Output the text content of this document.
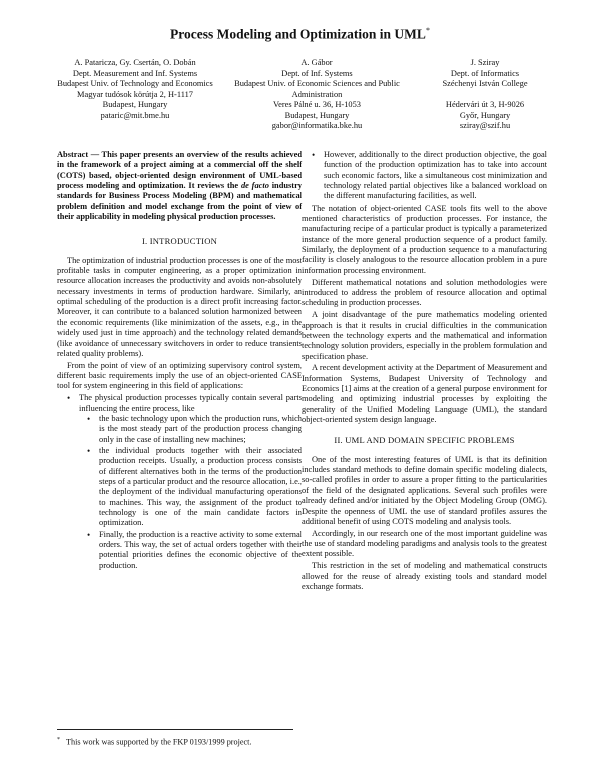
Process Modeling and Optimization in UML*
A. Pataricza, Gy. Csertán, O. Dobán
Dept. Measurement and Inf. Systems
Budapest Univ. of Technology and Economics
Magyar tudósok körútja 2, H-1117
Budapest, Hungary
pataric@mit.bme.hu
A. Gábor
Dept. of Inf. Systems
Budapest Univ. of Economic Sciences and Public Administration
Veres Pálné u. 36, H-1053
Budapest, Hungary
gabor@informatika.bke.hu
J. Sziray
Dept. of Informatics
Széchenyi István College
Hédervári út 3, H-9026
Győr, Hungary
sziray@szif.hu

Abstract — This paper presents an overview of the results achieved in the framework of a project aiming at a commercial off the shelf (COTS) based, object-oriented design environment of UML-based process modeling and optimization. It reviews the de facto industry standards for Business Process Modeling (BPM) and mathematical problem definition and model exchange from the point of view of their applicability in modeling physical production processes.

I. INTRODUCTION

The optimization of industrial production processes is one of the most profitable tasks in computer engineering, as a proper optimization in resource allocation increases the productivity and avoids non-absolutely necessary investments in terms of production hardware. Similarly, an optimal scheduling of the production is a direct profit increasing factor. Moreover, it can contribute to a balanced solution harmonized between the economic requirements (like minimization of the assets, e.g., in the widely used just in time approach) and the technology related demands (like avoidance of unnecessary switchovers in order to reduce transients related quality problems).

From the point of view of an optimizing supervisory control system, different basic requirements imply the use of an object-oriented CASE tool for system engineering in this field of applications:

• The physical production processes typically contain several parts influencing the entire process, like
• the basic technology upon which the production runs, which is the most steady part of the production process changing only in the case of installing new machines;
• the individual products together with their associated production receipts. Usually, a production process consists of different alternatives both in the terms of the production steps of a particular product and the resource allocation, i.e., the deployment of the individual manufacturing operations to machines. This way, the assignment of the product to technology is one of the main candidate factors in optimization.
• Finally, the production is a reactive activity to some external orders. This way, the set of actual orders together with their potential priorities defines the economic objective of the production.
• However, additionally to the direct production objective, the goal function of the production optimization has to take into account such economic factors, like a simultaneous cost minimization and technology related partial objectives like a balanced workload on the different manufacturing facilities, as well.

The notation of object-oriented CASE tools fits well to the above mentioned characteristics of production processes. For instance, the manufacturing recipe of a particular product is typically a parameterized instance of the more general production sequence of a product family. Similarly, the deployment of a production sequence to a manufacturing facility is closely analogous to the resource allocation problem in a pure information processing environment.

Different mathematical notations and solution methodologies were introduced to address the problem of resource allocation and optimal scheduling in production processes.

A joint disadvantage of the pure mathematics modeling oriented approach is that it results in crucial difficulties in the communication between the technology experts and the mathematical and information technology solution providers, especially in the problem formulation and specification phase.

A recent development activity at the Department of Measurement and Information Systems, Budapest University of Technology and Economics [1] aims at the creation of a general purpose environment for modeling and optimizing industrial processes by exploiting the generality of the Unified Modeling Language (UML), the standard object-oriented system design language.

II. UML AND DOMAIN SPECIFIC PROBLEMS

One of the most interesting features of UML is that its definition includes standard methods to define domain specific modeling dialects, so-called profiles in order to assure a proper fitting to the particularities of the field of the designated applications. Several such profiles were already defined and/or initiated by the Object Modeling Group (OMG). Despite the openness of UML the use of standard profiles assures the additional benefit of using COTS modeling and analysis tools.

Accordingly, in our research one of the most important guideline was the use of standard modeling paradigms and analysis tools to the greatest extent possible.

This restriction in the set of modeling and mathematical constructs allowed for the reuse of already existing tools and standard model exchange formats.

* This work was supported by the FKP 0193/1999 project.
